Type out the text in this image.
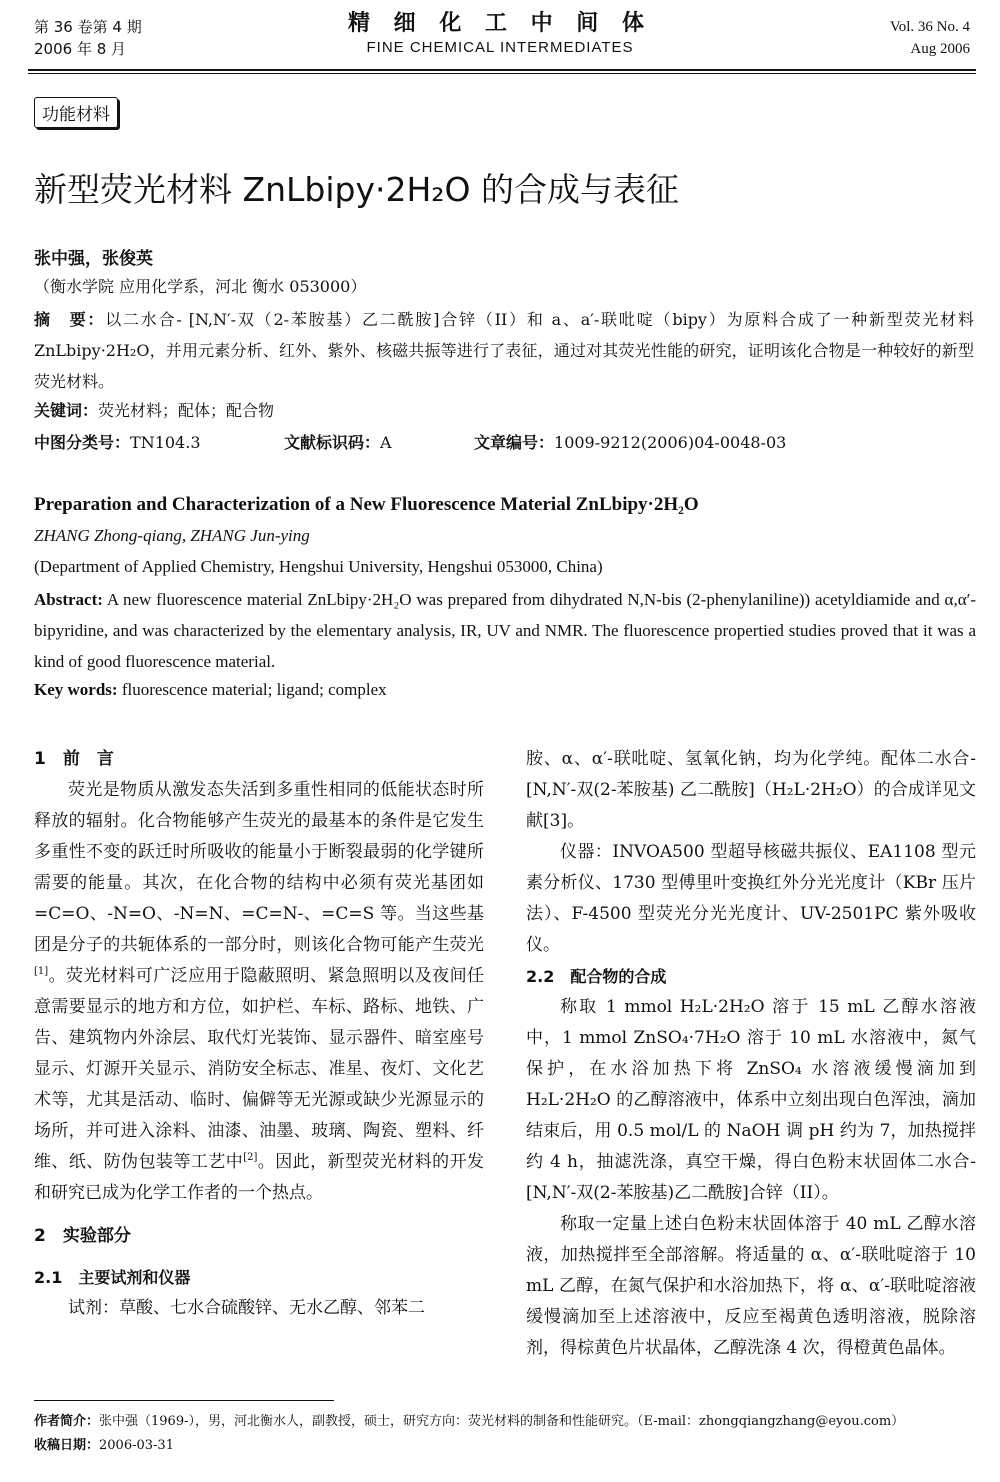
第 36 卷第 4 期
2006 年 8 月
精 细 化 工 中 间 体
FINE CHEMICAL INTERMEDIATES
Vol. 36 No. 4
Aug 2006
功能材料
新型荧光材料 ZnLbipy·2H₂O 的合成与表征
张中强，张俊英
（衡水学院 应用化学系，河北 衡水 053000）
摘　要：以二水合- [N,N′-双（2-苯胺基）乙二酰胺]合锌（II）和 a、a′-联吡啶（bipy）为原料合成了一种新型荧光材料 ZnLbipy·2H₂O，并用元素分析、红外、紫外、核磁共振等进行了表征，通过对其荧光性能的研究，证明该化合物是一种较好的新型荧光材料。
关键词：荧光材料；配体；配合物
中图分类号：TN104.3	文献标识码：A	文章编号：1009-9212(2006)04-0048-03
Preparation and Characterization of a New Fluorescence Material ZnLbipy·2H₂O
ZHANG Zhong-qiang, ZHANG Jun-ying
(Department of Applied Chemistry, Hengshui University, Hengshui 053000, China)
Abstract: A new fluorescence material ZnLbipy·2H₂O was prepared from dihydrated N,N-bis (2-phenylaniline)) acetyldiamide and α,α′-bipyridine, and was characterized by the elementary analysis, IR, UV and NMR. The fluorescence propertied studies proved that it was a kind of good fluorescence material.
Key words: fluorescence material; ligand; complex

1　前　言

荧光是物质从激发态失活到多重性相同的低能状态时所释放的辐射。化合物能够产生荧光的最基本的条件是它发生多重性不变的跃迁时所吸收的能量小于断裂最弱的化学键所需要的能量。其次，在化合物的结构中必须有荧光基团如=C=O、-N=O、-N=N、=C=N-、=C=S 等。当这些基团是分子的共轭体系的一部分时，则该化合物可能产生荧光[1]。荧光材料可广泛应用于隐蔽照明、紧急照明以及夜间任意需要显示的地方和方位，如护栏、车标、路标、地铁、广告、建筑物内外涂层、取代灯光装饰、显示器件、暗室座号显示、灯源开关显示、消防安全标志、准星、夜灯、文化艺术等，尤其是活动、临时、偏僻等无光源或缺少光源显示的场所，并可进入涂料、油漆、油墨、玻璃、陶瓷、塑料、纤维、纸、防伪包装等工艺中[2]。因此，新型荧光材料的开发和研究已成为化学工作者的一个热点。

2　实验部分

2.1　主要试剂和仪器

试剂：草酸、七水合硫酸锌、无水乙醇、邻苯二

胺、α、α′-联吡啶、氢氧化钠，均为化学纯。配体二水合-[N,N′-双(2-苯胺基) 乙二酰胺]（H₂L·2H₂O）的合成详见文献[3]。

仪器：INVOA500 型超导核磁共振仪、EA1108 型元素分析仪、1730 型傅里叶变换红外分光光度计（KBr 压片法）、F-4500 型荧光分光光度计、UV-2501PC 紫外吸收仪。

2.2　配合物的合成

称取 1 mmol H₂L·2H₂O 溶于 15 mL 乙醇水溶液中，1 mmol ZnSO₄·7H₂O 溶于 10 mL 水溶液中，氮气保护，在水浴加热下将 ZnSO₄ 水溶液缓慢滴加到 H₂L·2H₂O 的乙醇溶液中，体系中立刻出现白色浑浊，滴加结束后，用 0.5 mol/L 的 NaOH 调 pH 约为 7，加热搅拌约 4 h，抽滤洗涤，真空干燥，得白色粉末状固体二水合-[N,N′-双(2-苯胺基)乙二酰胺]合锌（II）。

称取一定量上述白色粉末状固体溶于 40 mL 乙醇水溶液，加热搅拌至全部溶解。将适量的 α、α′-联吡啶溶于 10 mL 乙醇，在氮气保护和水浴加热下，将 α、α′-联吡啶溶液缓慢滴加至上述溶液中，反应至褐黄色透明溶液，脱除溶剂，得棕黄色片状晶体，乙醇洗涤 4 次，得橙黄色晶体。

作者简介：张中强（1969-），男，河北衡水人，副教授，硕士，研究方向：荧光材料的制备和性能研究。（E-mail：zhongqiangzhang@eyou.com）
收稿日期：2006-03-31
